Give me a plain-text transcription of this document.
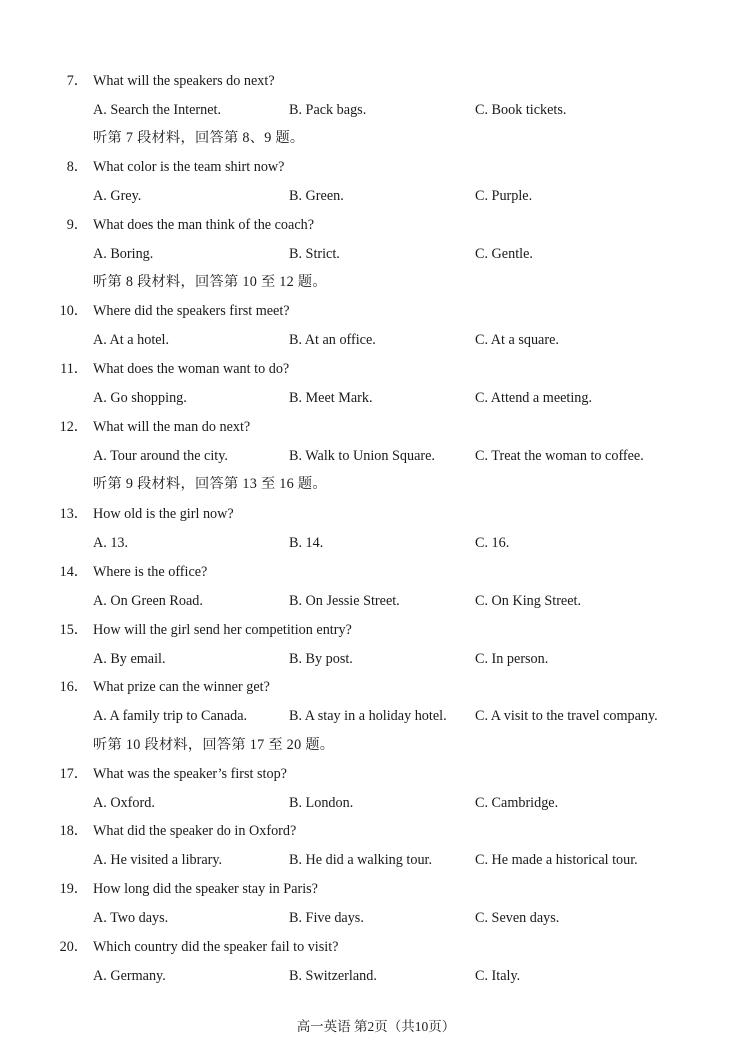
7． What will the speakers do next?
A. Search the Internet.	B. Pack bags.	C. Book tickets.
听第 7 段材料，回答第 8、9 题。
8． What color is the team shirt now?
A. Grey.	B. Green.	C. Purple.
9． What does the man think of the coach?
A. Boring.	B. Strict.	C. Gentle.
听第 8 段材料，回答第 10 至 12 题。
10． Where did the speakers first meet?
A. At a hotel.	B. At an office.	C. At a square.
11． What does the woman want to do?
A. Go shopping.	B. Meet Mark.	C. Attend a meeting.
12． What will the man do next?
A. Tour around the city.	B. Walk to Union Square.	C. Treat the woman to coffee.
听第 9 段材料，回答第 13 至 16 题。
13． How old is the girl now?
A. 13.	B. 14.	C. 16.
14． Where is the office?
A. On Green Road.	B. On Jessie Street.	C. On King Street.
15． How will the girl send her competition entry?
A. By email.	B. By post.	C. In person.
16． What prize can the winner get?
A. A family trip to Canada.	B. A stay in a holiday hotel. C. A visit to the travel company.
听第 10 段材料，回答第 17 至 20 题。
17． What was the speaker’s first stop?
A. Oxford.	B. London.	C. Cambridge.
18． What did the speaker do in Oxford?
A. He visited a library.	B. He did a walking tour.	C. He made a historical tour.
19． How long did the speaker stay in Paris?
A. Two days.	B. Five days.	C. Seven days.
20． Which country did the speaker fail to visit?
A. Germany.	B. Switzerland.	C. Italy.
高一英语 第2页（共10页）
